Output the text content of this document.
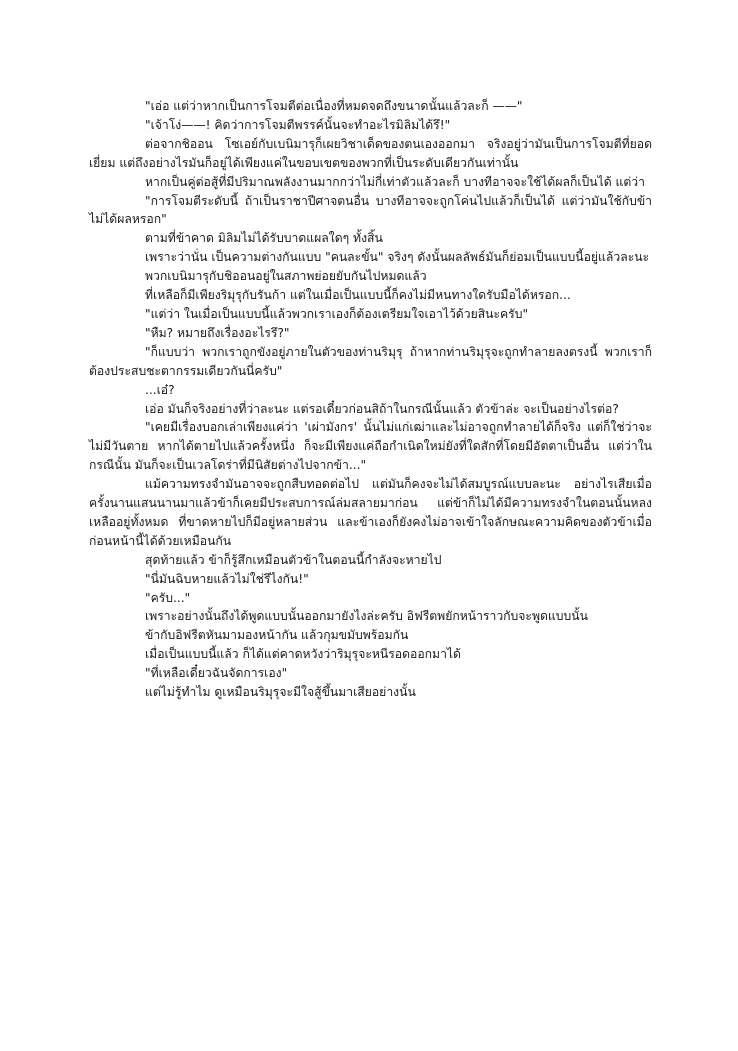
"เอ่อ แต่ว่าหากเป็นการโจมตีต่อเนื่องที่หมดจดถึงขนาดนั้นแล้วละก็ ——"

"เจ้าโง่——! คิดว่าการโจมตีพรรค์นั้นจะทำอะไรมิลิมได้รึ!"

ต่อจากชิออน โซเอย์กับเบนิมารุก็เผยวิชาเด็ดของตนเองออกมา จริงอยู่ว่ามันเป็นการโจมตีที่ยอดเยี่ยม แต่ถึงอย่างไรมันก็อยู่ได้เพียงแค่ในขอบเขตของพวกที่เป็นระดับเดียวกันเท่านั้น

หากเป็นคู่ต่อสู้ที่มีปริมาณพลังงานมากกว่าไม่กี่เท่าตัวแล้วละก็ บางทีอาจจะใช้ได้ผลก็เป็นได้ แต่ว่า

"การโจมตีระดับนี้ ถ้าเป็นราชาปีศาจตนอื่น บางทีอาจจะถูกโค่นไปแล้วก็เป็นได้ แต่ว่ามันใช้กับข้าไม่ได้ผลหรอก"

ตามที่ข้าคาด มิลิมไม่ได้รับบาดแผลใดๆ ทั้งสิ้น

เพราะว่านั่น เป็นความต่างกันแบบ "คนละขั้น" จริงๆ ดังนั้นผลลัพธ์มันก็ย่อมเป็นแบบนี้อยู่แล้วละนะ

พวกเบนิมารุกับชิออนอยู่ในสภาพย่อยยับกันไปหมดแล้ว

ที่เหลือก็มีเพียงริมุรุกับรันก้า แต่ในเมื่อเป็นแบบนี้ก็คงไม่มีหนทางใดรับมือได้หรอก...

"แต่ว่า ในเมื่อเป็นแบบนี้แล้วพวกเราเองก็ต้องเตรียมใจเอาไว้ด้วยสินะครับ"

"หืม? หมายถึงเรื่องอะไรรึ?"

"ก็แบบว่า พวกเราถูกขังอยู่ภายในตัวของท่านริมุรุ ถ้าหากท่านริมุรุจะถูกทำลายลงตรงนี้ พวกเราก็ต้องประสบชะตากรรมเดียวกันนี่ครับ"

...เอ๋?

เอ่อ มันก็จริงอย่างที่ว่าละนะ แต่รอเดี๋ยวก่อนสิถ้าในกรณีนั้นแล้ว ตัวข้าล่ะ จะเป็นอย่างไรต่อ?

"เคยมีเรื่องบอกเล่าเพียงแค่ว่า 'เผ่ามังกร' นั้นไม่แก่เฒ่าและไม่อาจถูกทำลายได้ก็จริง แต่ก็ใช่ว่าจะไม่มีวันตาย หากได้ตายไปแล้วครั้งหนึ่ง ก็จะมีเพียงแค่ถือกำเนิดใหม่ยังที่ใดสักที่โดยมีอัตตาเป็นอื่น แต่ว่าในกรณีนั้น มันก็จะเป็นเวลโดร่าที่มีนิสัยต่างไปจากข้า..."

แม้ความทรงจำมันอาจจะถูกสืบทอดต่อไป แต่มันก็คงจะไม่ได้สมบูรณ์แบบละนะ อย่างไรเสียเมื่อครั้งนานแสนนานมาแล้วข้าก็เคยมีประสบการณ์ล่มสลายมาก่อน แต่ข้าก็ไม่ได้มีความทรงจำในตอนนั้นหลงเหลืออยู่ทั้งหมด ที่ขาดหายไปก็มีอยู่หลายส่วน และข้าเองก็ยังคงไม่อาจเข้าใจลักษณะความคิดของตัวข้าเมื่อก่อนหน้านี้ได้ด้วยเหมือนกัน

สุดท้ายแล้ว ข้าก็รู้สึกเหมือนตัวข้าในตอนนี้กำลังจะหายไป

"นี่มันฉิบหายแล้วไม่ใช่รึไงกัน!"

"ครับ..."

เพราะอย่างนั้นถึงได้พูดแบบนั้นออกมายังไงล่ะครับ อิฟรีตพยักหน้าราวกับจะพูดแบบนั้น

ข้ากับอิฟรีตหันมามองหน้ากัน แล้วกุมขมับพร้อมกัน

เมื่อเป็นแบบนี้แล้ว ก็ได้แต่คาดหวังว่าริมุรุจะหนีรอดออกมาได้

"ที่เหลือเดี๋ยวฉันจัดการเอง"

แต่ไม่รู้ทำไม ดูเหมือนริมุรุจะมีใจสู้ขึ้นมาเสียอย่างนั้น
